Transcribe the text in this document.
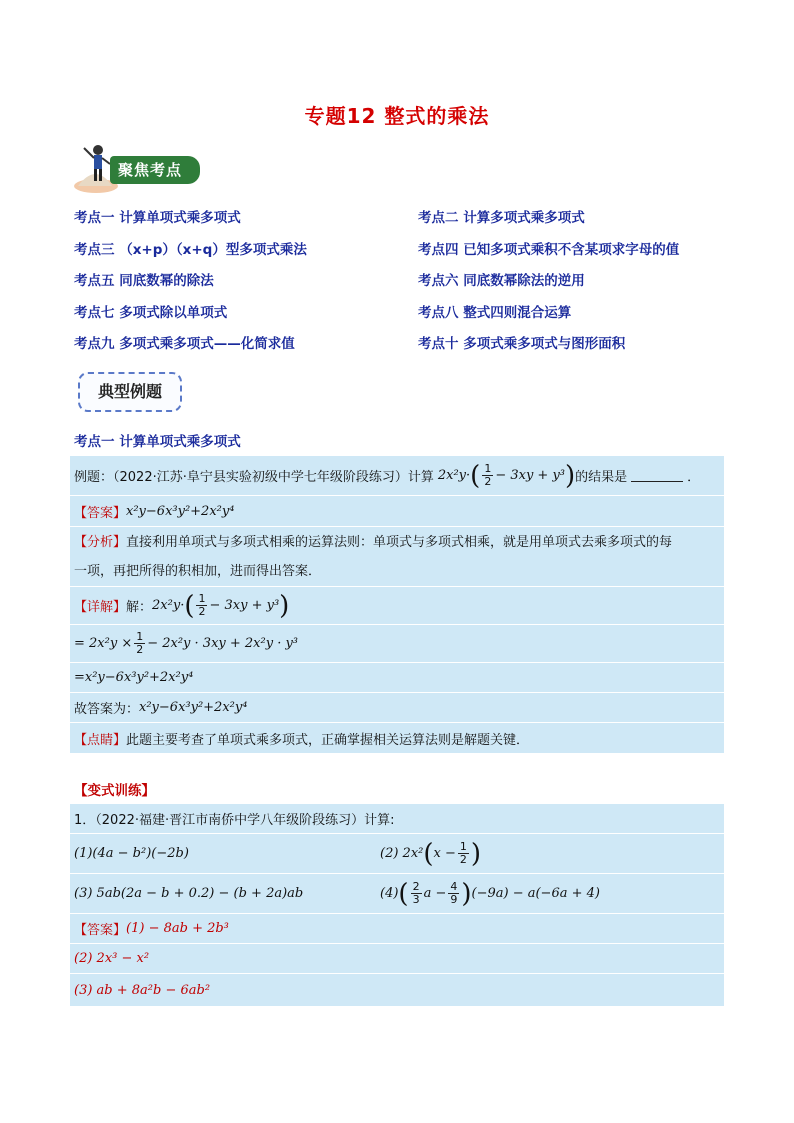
专题12 整式的乘法
聚焦考点
考点一 计算单项式乘多项式	考点二 计算多项式乘多项式
考点三 （x+p）（x+q）型多项式乘法	考点四 已知多项式乘积不含某项求字母的值
考点五 同底数幂的除法	考点六 同底数幂除法的逆用
考点七 多项式除以单项式	考点八 整式四则混合运算
考点九 多项式乘多项式——化简求值	考点十 多项式乘多项式与图形面积
典型例题
考点一 计算单项式乘多项式
例题：（2022·江苏·阜宁县实验初级中学七年级阶段练习）计算 2x²y· ( $\frac{1}{2} - 3xy + y^3$ ) 的结果是	．
【答案】 x²y−6x³y²+2x²y⁴
【分析】直接利用单项式与多项式相乘的运算法则：单项式与多项式相乘，就是用单项式去乘多项式的每
一项，再把所得的积相加，进而得出答案．
【详解】 解： 2x²y· ( $\frac{1}{2} - 3xy + y^3$ )
= $2x^2y \times \frac{1}{2} - 2x^2y \cdot 3xy + 2x^2y \cdot y^3$
=x²y−6x³y²+2x²y⁴
故答案为： x²y−6x³y²+2x²y⁴
【点睛】 此题主要考查了单项式乘多项式，正确掌握相关运算法则是解题关键．
【变式训练】
1．（2022·福建·晋江市南侨中学八年级阶段练习）计算:
(1)(4a − b²)(−2b)	(2) 2x² ( $x - \frac{1}{2}$ )
(3) 5ab(2a − b + 0.2) − (b + 2a)ab	(4) ( $\frac{2}{3}$ $a - \frac{4}{9}$ ) (−9a) − a(−6a + 4)
【答案】 (1) − 8ab + 2b³
(2) 2x³ − x²
(3) ab + 8a²b − 6ab²
